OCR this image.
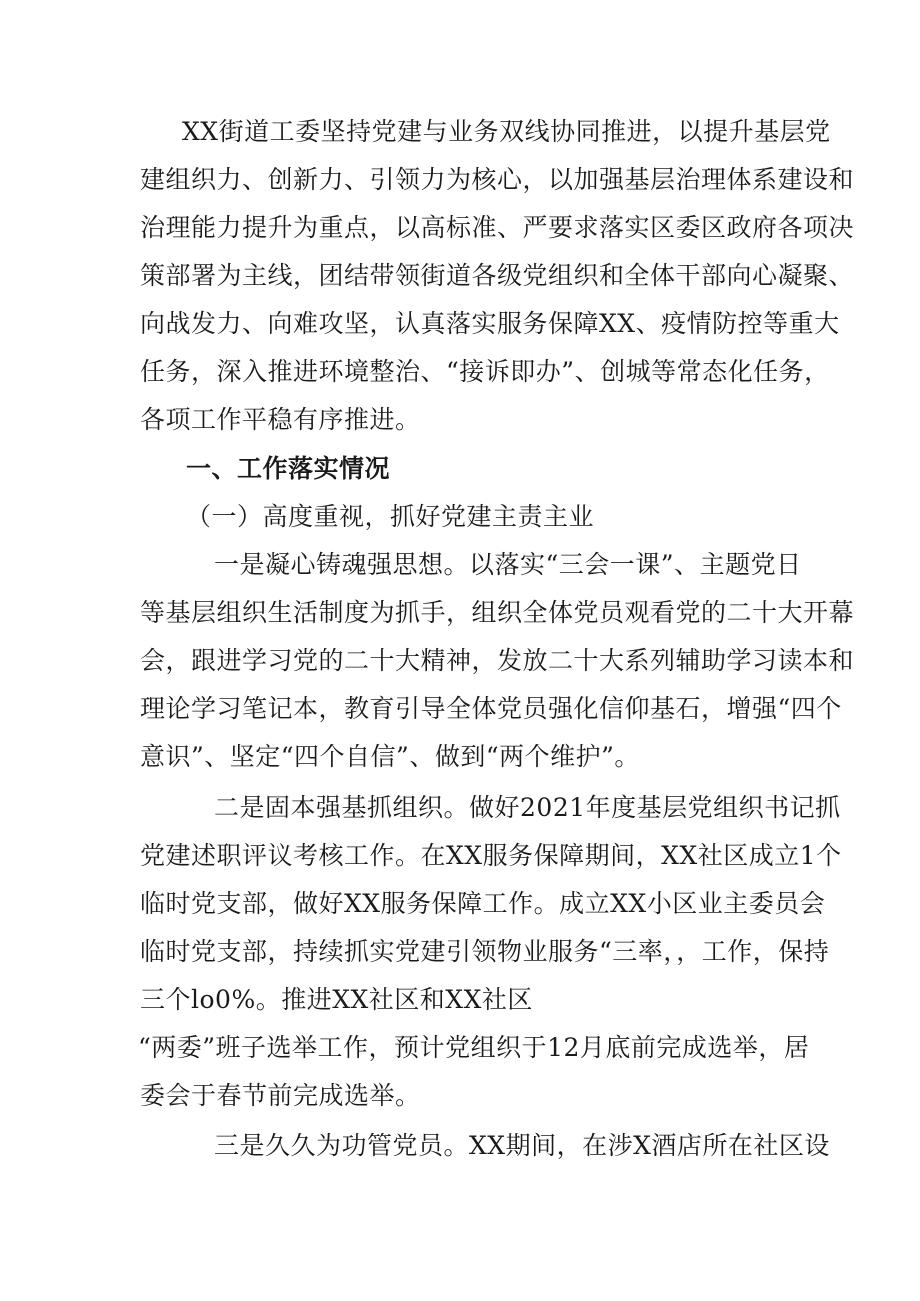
XX街道工委坚持党建与业务双线协同推进，以提升基层党
建组织力、创新力、引领力为核心，以加强基层治理体系建设和
治理能力提升为重点，以高标准、严要求落实区委区政府各项决
策部署为主线，团结带领街道各级党组织和全体干部向心凝聚、
向战发力、向难攻坚，认真落实服务保障XX、疫情防控等重大
任务，深入推进环境整治、“接诉即办”、创城等常态化任务，
各项工作平稳有序推进。
一、工作落实情况
（一）高度重视，抓好党建主责主业
一是凝心铸魂强思想。以落实“三会一课”、主题党日
等基层组织生活制度为抓手，组织全体党员观看党的二十大开幕
会，跟进学习党的二十大精神，发放二十大系列辅助学习读本和
理论学习笔记本，教育引导全体党员强化信仰基石，增强“四个
意识”、坚定“四个自信”、做到“两个维护”。
二是固本强基抓组织。做好2021年度基层党组织书记抓
党建述职评议考核工作。在XX服务保障期间，XX社区成立1个
临时党支部，做好XX服务保障工作。成立XX小区业主委员会
临时党支部，持续抓实党建引领物业服务“三率，，工作，保持
三个lo0%。推进XX社区和XX社区
“两委”班子选举工作，预计党组织于12月底前完成选举，居
委会于春节前完成选举。
三是久久为功管党员。XX期间，在涉X酒店所在社区设
